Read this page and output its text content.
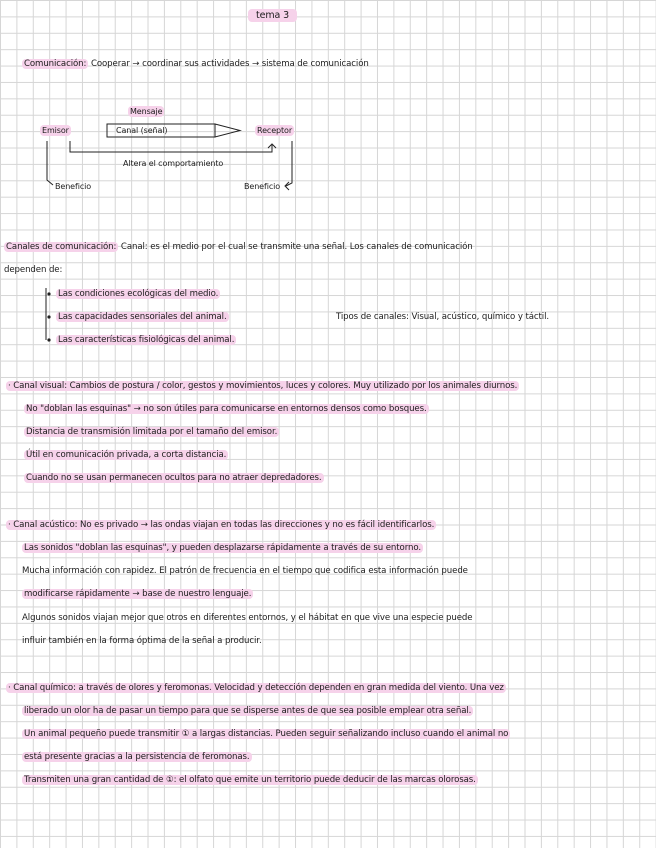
tema 3
Comunicación: Cooperar → coordinar sus actividades → sistema de comunicación
Mensaje
Emisor	Canal (señal)	Receptor
Altera el comportamiento
Beneficio	Beneficio
Canales de comunicación: Canal: es el medio por el cual se transmite una señal. Los canales de comunicación
dependen de:
Las condiciones ecológicas del medio.
Las capacidades sensoriales del animal.
Las características fisiológicas del animal.
Tipos de canales: Visual, acústico, químico y táctil.
· Canal visual: Cambios de postura / color, gestos y movimientos, luces y colores. Muy utilizado por los animales diurnos.
No "doblan las esquinas" → no son útiles para comunicarse en entornos densos como bosques.
Distancia de transmisión limitada por el tamaño del emisor.
Útil en comunicación privada, a corta distancia.
Cuando no se usan permanecen ocultos para no atraer depredadores.
· Canal acústico: No es privado → las ondas viajan en todas las direcciones y no es fácil identificarlos.
Las sonidos "doblan las esquinas", y pueden desplazarse rápidamente a través de su entorno.
Mucha información con rapidez. El patrón de frecuencia en el tiempo que codifica esta información puede
modificarse rápidamente → base de nuestro lenguaje.
Algunos sonidos viajan mejor que otros en diferentes entornos, y el hábitat en que vive una especie puede
influir también en la forma óptima de la señal a producir.
· Canal químico: a través de olores y feromonas. Velocidad y detección dependen en gran medida del viento. Una vez
liberado un olor ha de pasar un tiempo para que se disperse antes de que sea posible emplear otra señal.
Un animal pequeño puede transmitir ① a largas distancias. Pueden seguir señalizando incluso cuando el animal no
está presente gracias a la persistencia de feromonas.
Transmiten una gran cantidad de ①: el olfato que emite un territorio puede deducir de las marcas olorosas.
